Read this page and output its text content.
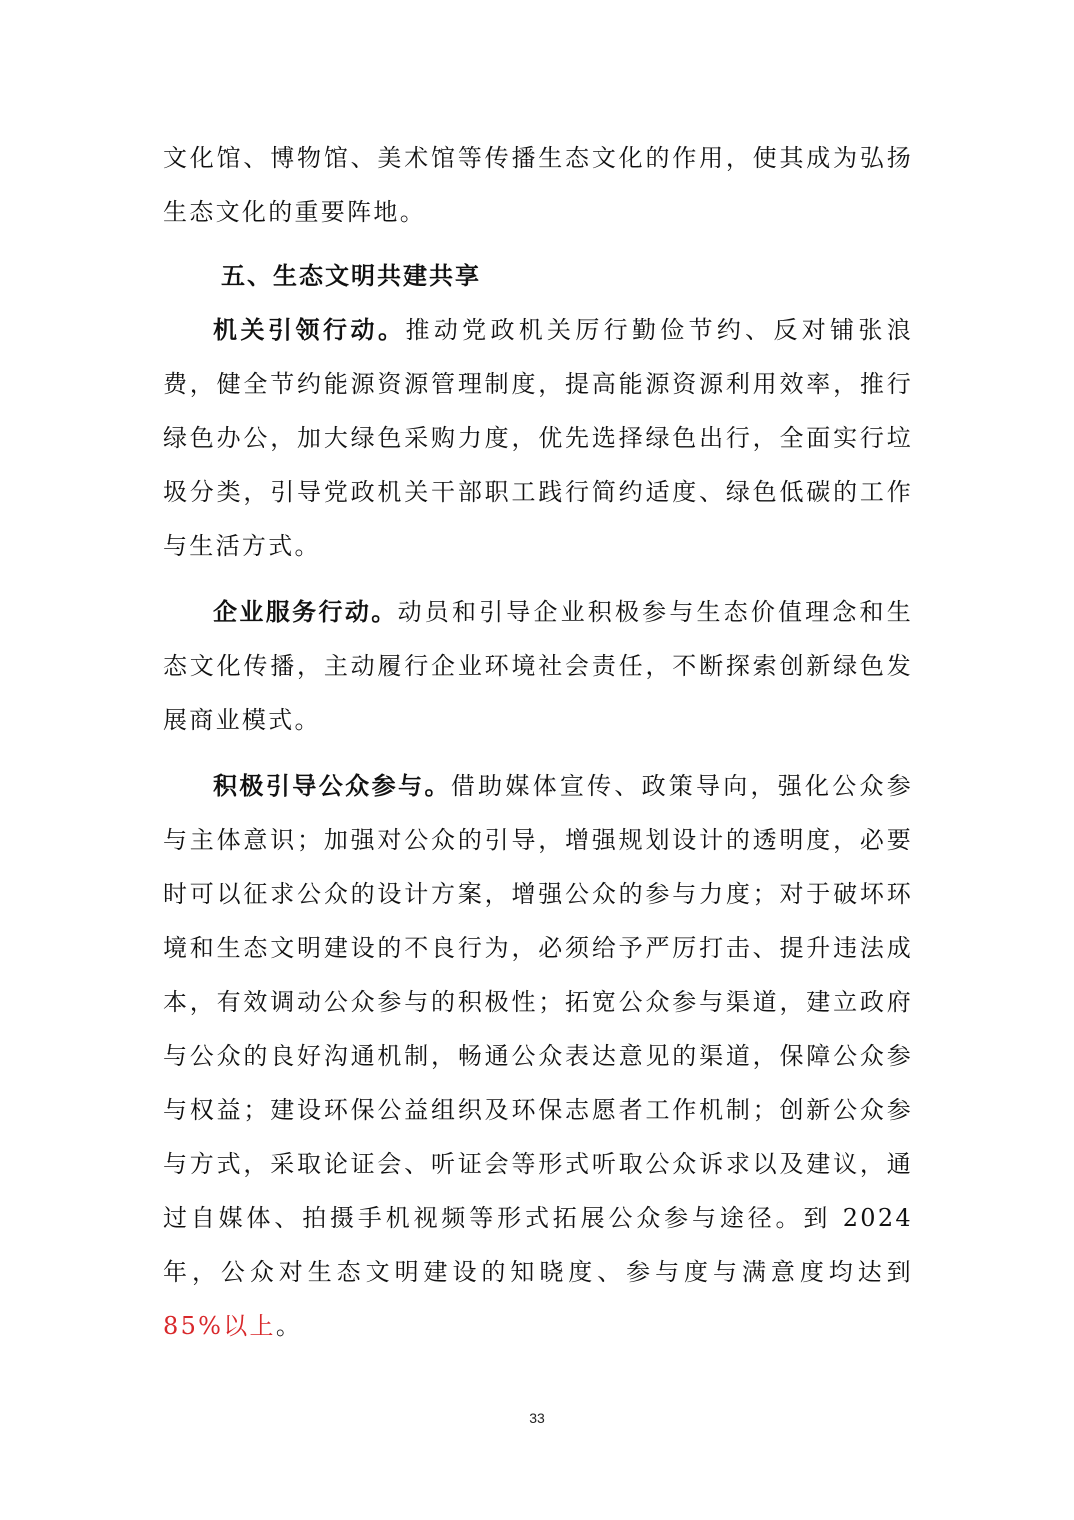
文化馆、博物馆、美术馆等传播生态文化的作用，使其成为弘扬生态文化的重要阵地。

五、生态文明共建共享

机关引领行动。推动党政机关厉行勤俭节约、反对铺张浪费，健全节约能源资源管理制度，提高能源资源利用效率，推行绿色办公，加大绿色采购力度，优先选择绿色出行，全面实行垃圾分类，引导党政机关干部职工践行简约适度、绿色低碳的工作与生活方式。

企业服务行动。动员和引导企业积极参与生态价值理念和生态文化传播，主动履行企业环境社会责任，不断探索创新绿色发展商业模式。

积极引导公众参与。借助媒体宣传、政策导向，强化公众参与主体意识；加强对公众的引导，增强规划设计的透明度，必要时可以征求公众的设计方案，增强公众的参与力度；对于破坏环境和生态文明建设的不良行为，必须给予严厉打击、提升违法成本，有效调动公众参与的积极性；拓宽公众参与渠道，建立政府与公众的良好沟通机制，畅通公众表达意见的渠道，保障公众参与权益；建设环保公益组织及环保志愿者工作机制；创新公众参与方式，采取论证会、听证会等形式听取公众诉求以及建议，通过自媒体、拍摄手机视频等形式拓展公众参与途径。到 2024 年，公众对生态文明建设的知晓度、参与度与满意度均达到 85%以上。

33
